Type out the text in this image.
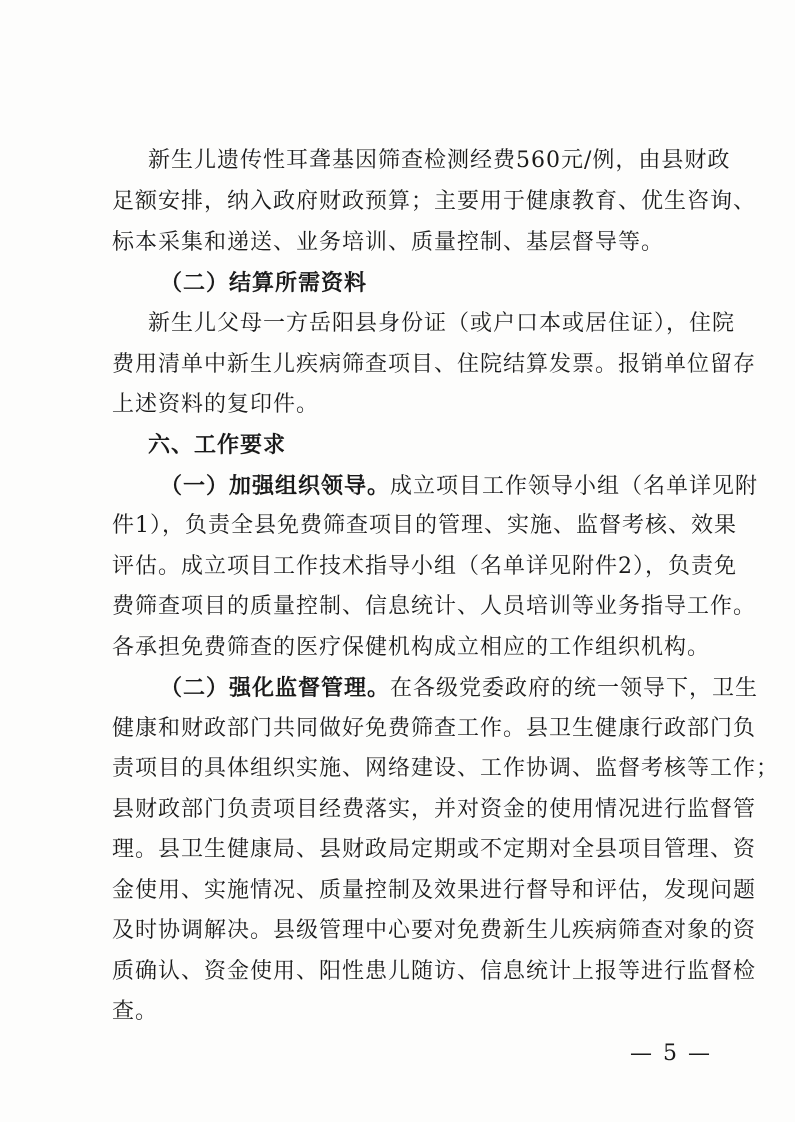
新生儿遗传性耳聋基因筛查检测经费560元/例，由县财政
足额安排，纳入政府财政预算；主要用于健康教育、优生咨询、
标本采集和递送、业务培训、质量控制、基层督导等。
（二）结算所需资料
新生儿父母一方岳阳县身份证（或户口本或居住证），住院
费用清单中新生儿疾病筛查项目、住院结算发票。报销单位留存
上述资料的复印件。
六、工作要求
（一）加强组织领导。成立项目工作领导小组（名单详见附
件1），负责全县免费筛查项目的管理、实施、监督考核、效果
评估。成立项目工作技术指导小组（名单详见附件2），负责免
费筛查项目的质量控制、信息统计、人员培训等业务指导工作。
各承担免费筛查的医疗保健机构成立相应的工作组织机构。
（二）强化监督管理。在各级党委政府的统一领导下，卫生
健康和财政部门共同做好免费筛查工作。县卫生健康行政部门负
责项目的具体组织实施、网络建设、工作协调、监督考核等工作；
县财政部门负责项目经费落实，并对资金的使用情况进行监督管
理。县卫生健康局、县财政局定期或不定期对全县项目管理、资
金使用、实施情况、质量控制及效果进行督导和评估，发现问题
及时协调解决。县级管理中心要对免费新生儿疾病筛查对象的资
质确认、资金使用、阳性患儿随访、信息统计上报等进行监督检
查。
— 5 —
